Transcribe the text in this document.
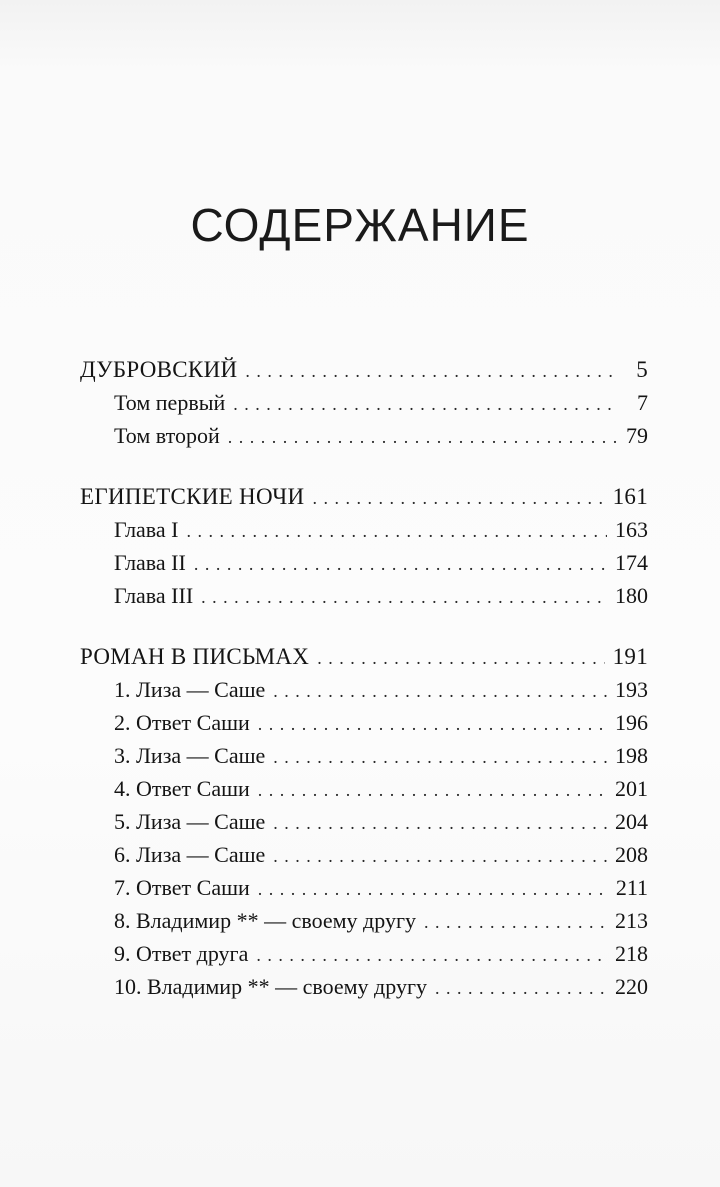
СОДЕРЖАНИЕ
ДУБРОВСКИЙ . . .	5
Том первый . . .	7
Том второй . . .	79
ЕГИПЕТСКИЕ НОЧИ . . .	161
Глава I . . .	163
Глава II . . .	174
Глава III . . .	180
РОМАН В ПИСЬМАХ . . .	191
1. Лиза — Саше . . .	193
2. Ответ Саши . . .	196
3. Лиза — Саше . . .	198
4. Ответ Саши . . .	201
5. Лиза — Саше . . .	204
6. Лиза — Саше . . .	208
7. Ответ Саши . . .	211
8. Владимир ** — своему другу . . .	213
9. Ответ друга . . .	218
10. Владимир ** — своему другу . . .	220
